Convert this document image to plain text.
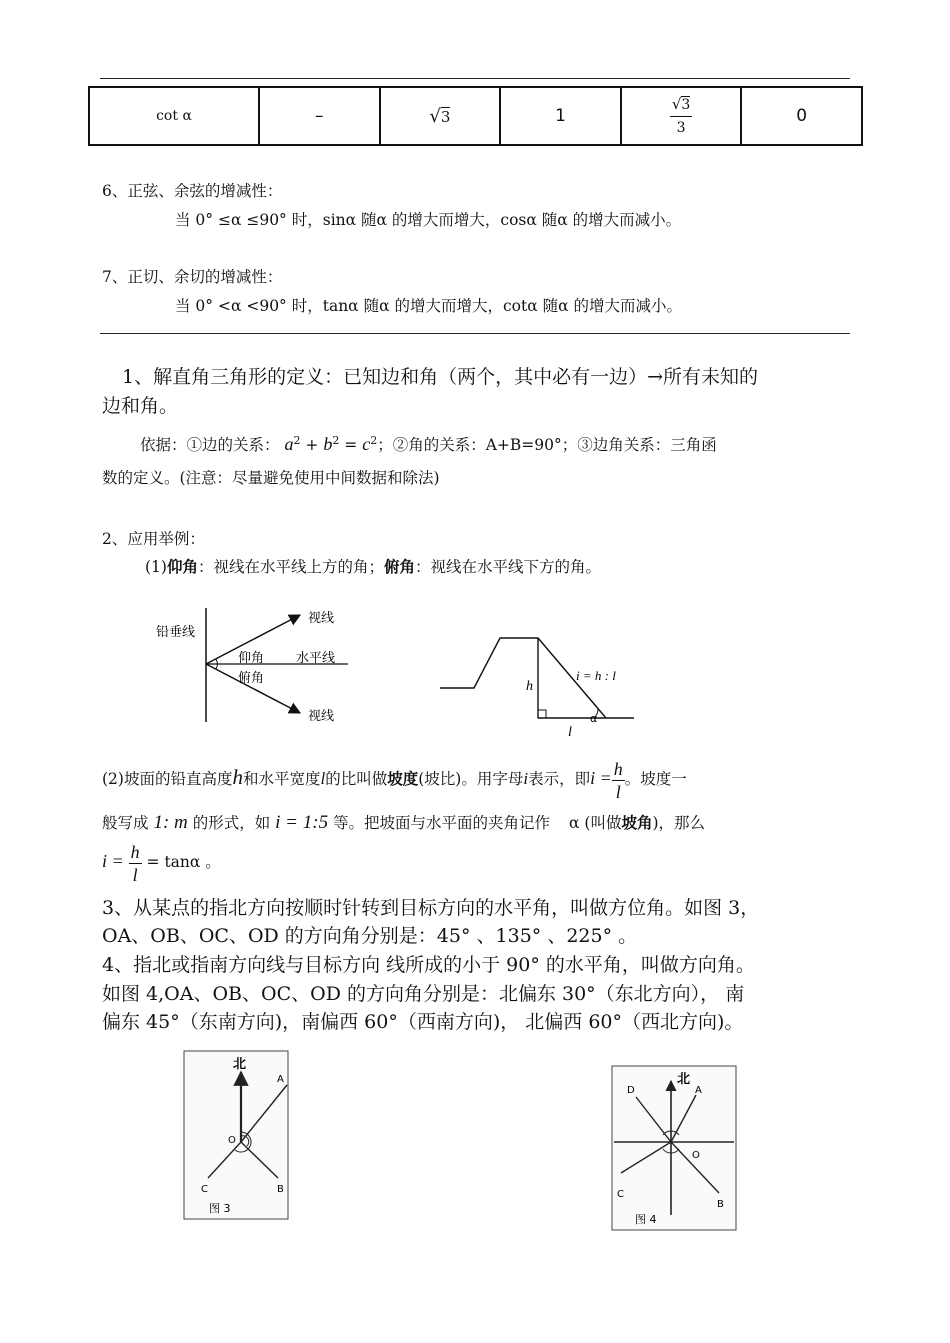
cot α	–	√3	1	$\frac{√3}{3}$	0
6、正弦、余弦的增减性：
当 0° ≤α ≤90° 时，sinα 随α 的增大而增大，cosα 随α 的增大而减小。
7、正切、余切的增减性：
当 0° <α <90° 时，tanα 随α 的增大而增大，cotα 随α 的增大而减小。
1、解直角三角形的定义：已知边和角（两个，其中必有一边）→所有未知的
边和角。
依据：①边的关系： $a^2 + b^2 = c^2$；②角的关系：A+B=90°；③边角关系：三角函
数的定义。(注意：尽量避免使用中间数据和除法)
2、应用举例：
(1)仰角：视线在水平线上方的角；俯角：视线在水平线下方的角。
铅垂线
视线
仰角 水平线
俯角
视线
h
i = h : l
l
α
(2)坡面的铅直高度h和水平宽度l的比叫做坡度(坡比)。用字母i表示，即$i = \frac{h}{l}$ 。坡度一
般写成 1: m 的形式，如 i = 1:5 等。把坡面与水平面的夹角记作 α (叫做坡角)，那么
$i = \frac{h}{l} = \tan\alpha$ 。
3、从某点的指北方向按顺时针转到目标方向的水平角，叫做方位角。如图 3，
OA、OB、OC、OD 的方向角分别是：45° 、135° 、225° 。
4、指北或指南方向线与目标方向 线所成的小于 90° 的水平角，叫做方向角。
如图 4,OA、OB、OC、OD 的方向角分别是：北偏东 30°（东北方向）， 南
偏东 45°（东南方向)，南偏西 60°（西南方向)， 北偏西 60°（西北方向)。
北
A
O
B
C
图 3
北
A
D
O
B
C
图 4
